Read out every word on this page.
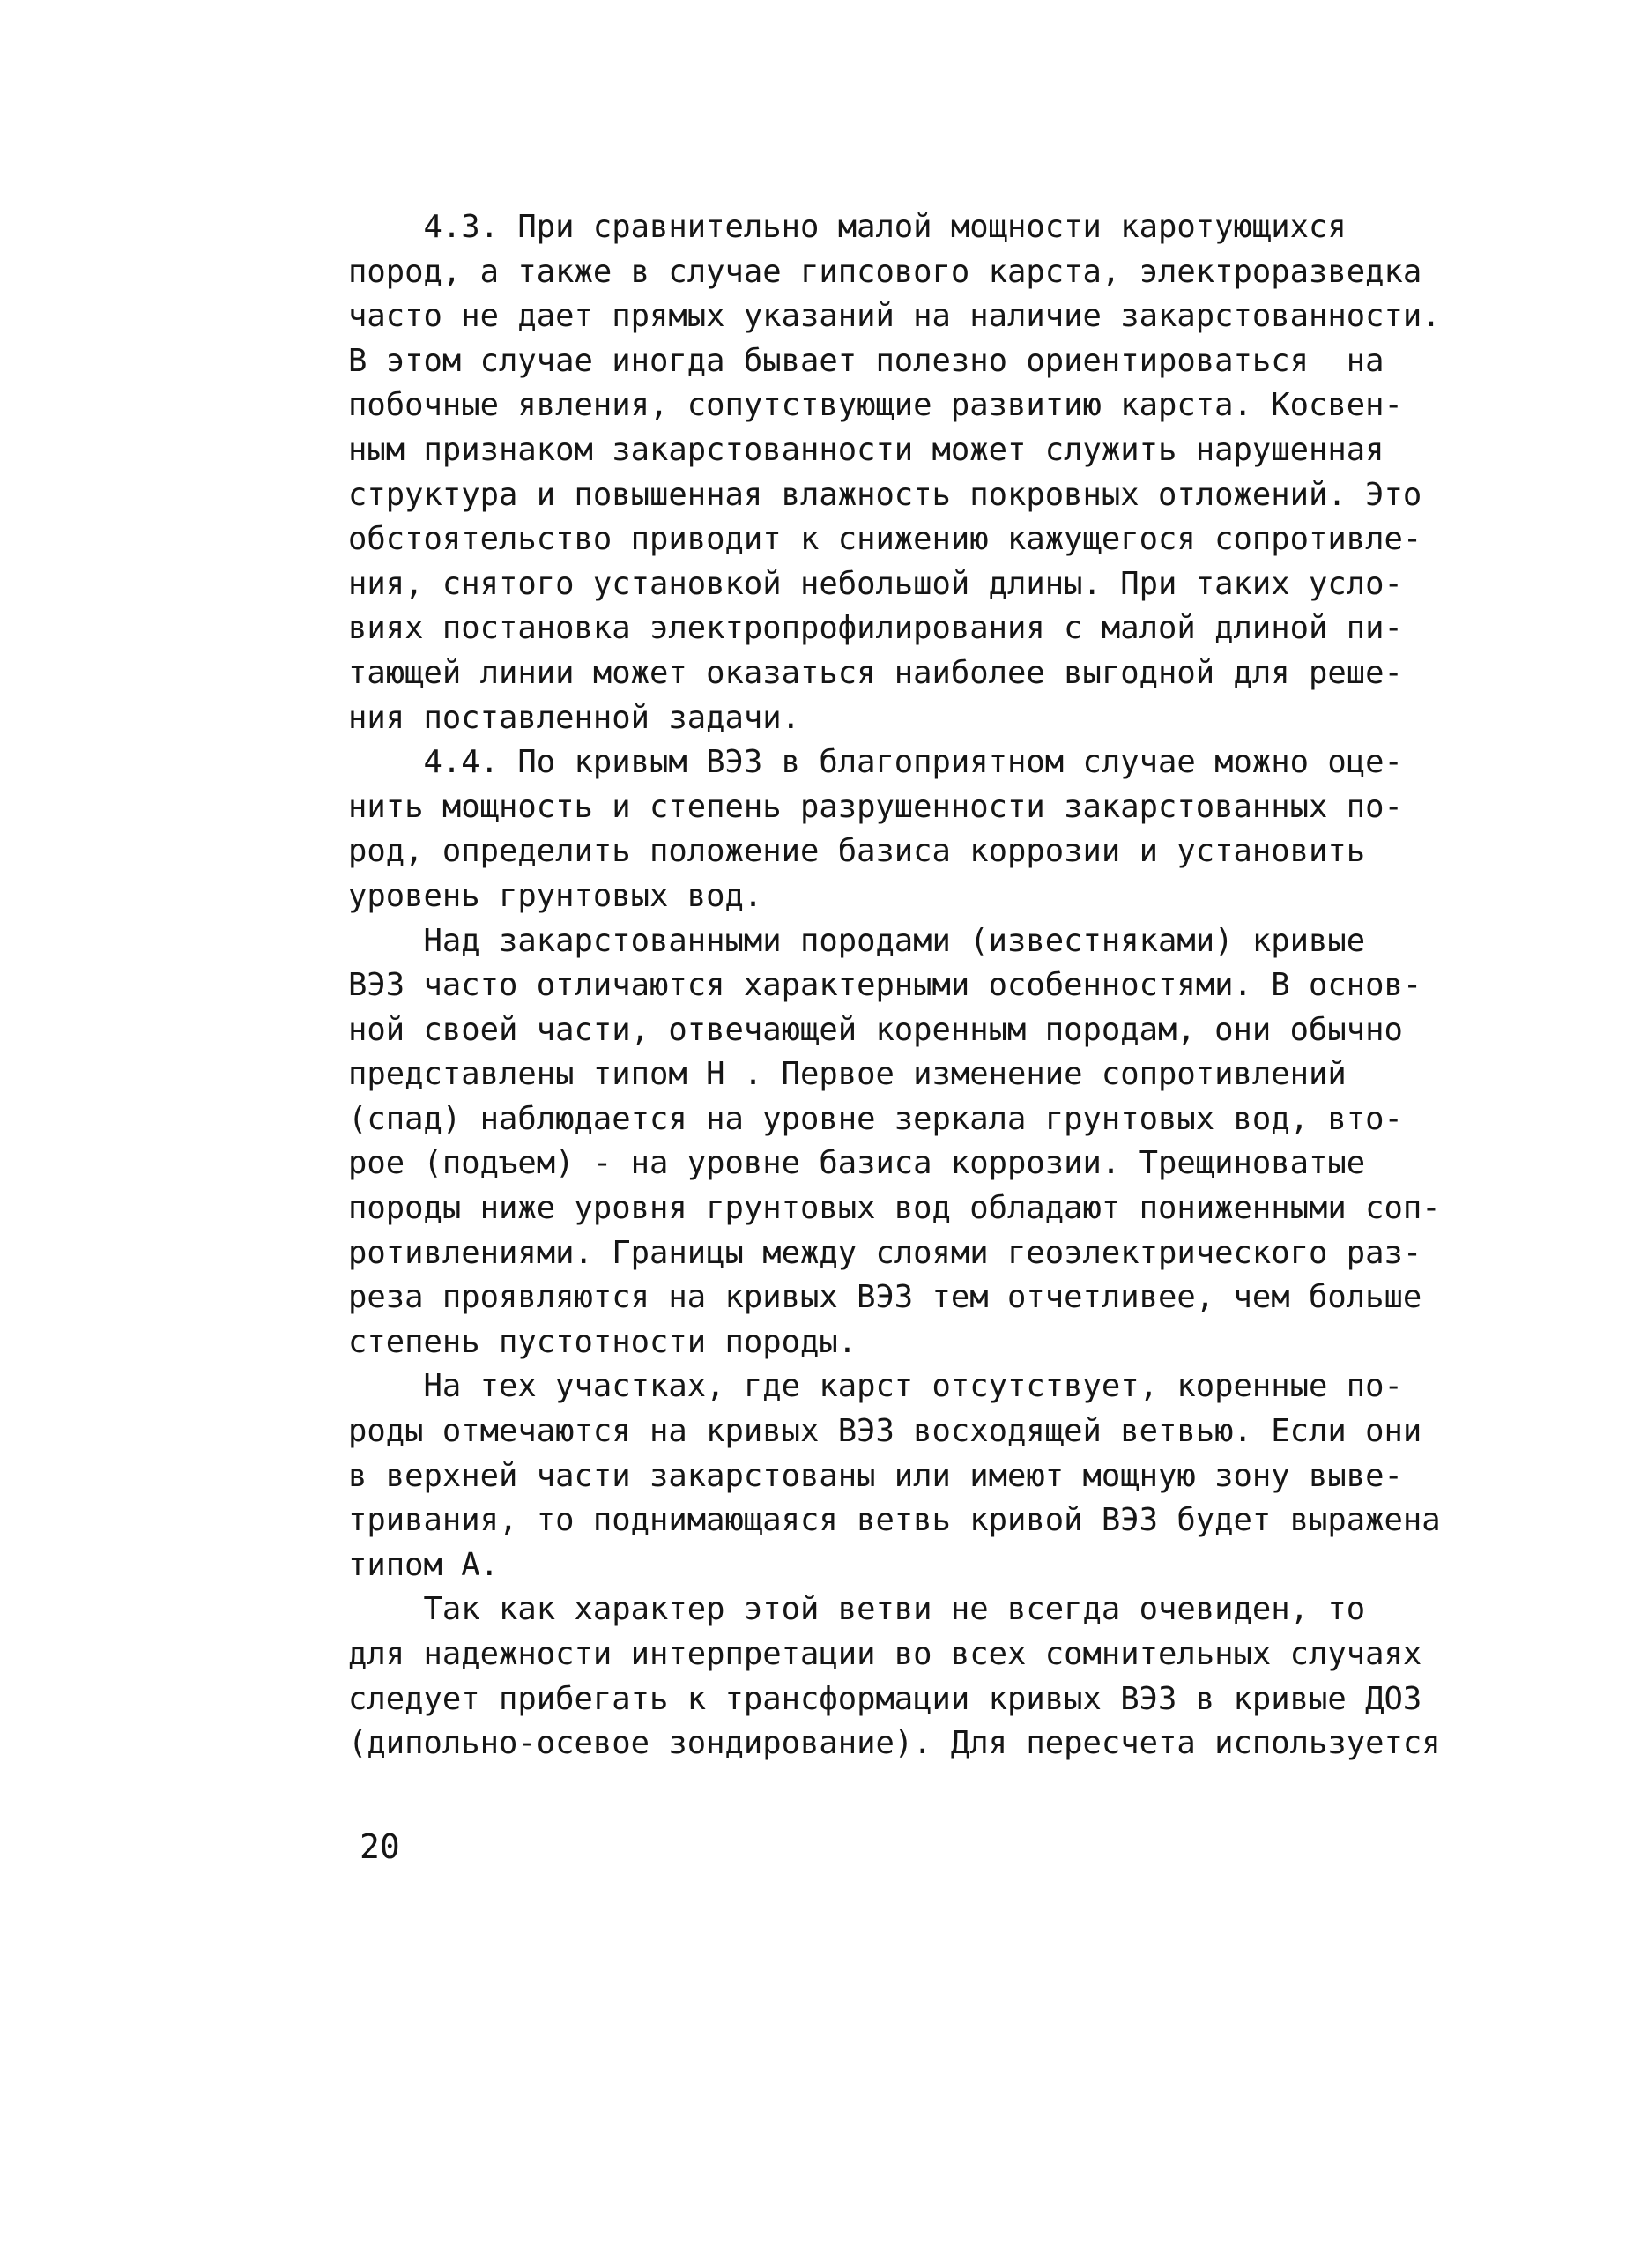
4.3. При сравнительно малой мощности каротующихся
пород, а также в случае гипсового карста, электроразведка
часто не дает прямых указаний на наличие закарстованности.
В этом случае иногда бывает полезно ориентироваться  на
побочные явления, сопутствующие развитию карста. Косвен-
ным признаком закарстованности может служить нарушенная
структура и повышенная влажность покровных отложений. Это
обстоятельство приводит к снижению кажущегося сопротивле-
ния, снятого установкой небольшой длины. При таких усло-
виях постановка электропрофилирования с малой длиной пи-
тающей линии может оказаться наиболее выгодной для реше-
ния поставленной задачи.
4.4. По кривым ВЭЗ в благоприятном случае можно оце-
нить мощность и степень разрушенности закарстованных по-
род, определить положение базиса коррозии и установить
уровень грунтовых вод.
Над закарстованными породами (известняками) кривые
ВЭЗ часто отличаются характерными особенностями. В основ-
ной своей части, отвечающей коренным породам, они обычно
представлены типом Н . Первое изменение сопротивлений
(спад) наблюдается на уровне зеркала грунтовых вод, вто-
рое (подъем) - на уровне базиса коррозии. Трещиноватые
породы ниже уровня грунтовых вод обладают пониженными соп-
ротивлениями. Границы между слоями геоэлектрического раз-
реза проявляются на кривых ВЭЗ тем отчетливее, чем больше
степень пустотности породы.
На тех участках, где карст отсутствует, коренные по-
роды отмечаются на кривых ВЭЗ восходящей ветвью. Если они
в верхней части закарстованы или имеют мощную зону выве-
тривания, то поднимающаяся ветвь кривой ВЭЗ будет выражена
типом А.
Так как характер этой ветви не всегда очевиден, то
для надежности интерпретации во всех сомнительных случаях
следует прибегать к трансформации кривых ВЭЗ в кривые ДОЗ
(дипольно-осевое зондирование). Для пересчета используется
20
